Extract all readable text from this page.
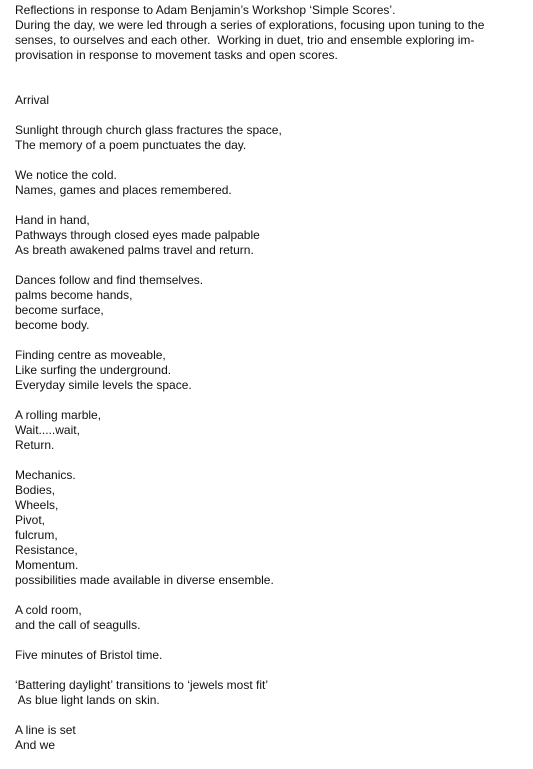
Reflections in response to Adam Benjamin’s Workshop ‘Simple Scores’.
During the day, we were led through a series of explorations, focusing upon tuning to the
senses, to ourselves and each other.  Working in duet, trio and ensemble exploring im-
provisation in response to movement tasks and open scores.
Arrival
Sunlight through church glass fractures the space,
The memory of a poem punctuates the day.
We notice the cold.
Names, games and places remembered.
Hand in hand,
Pathways through closed eyes made palpable
As breath awakened palms travel and return.
Dances follow and find themselves.
palms become hands,
become surface,
become body.
Finding centre as moveable,
Like surfing the underground.
Everyday simile levels the space.
A rolling marble,
Wait.....wait,
Return.
Mechanics.
Bodies,
Wheels,
Pivot,
fulcrum,
Resistance,
Momentum.
possibilities made available in diverse ensemble.
A cold room,
and the call of seagulls.
Five minutes of Bristol time.
‘Battering daylight’ transitions to ‘jewels most fit’
As blue light lands on skin.
A line is set
And we
